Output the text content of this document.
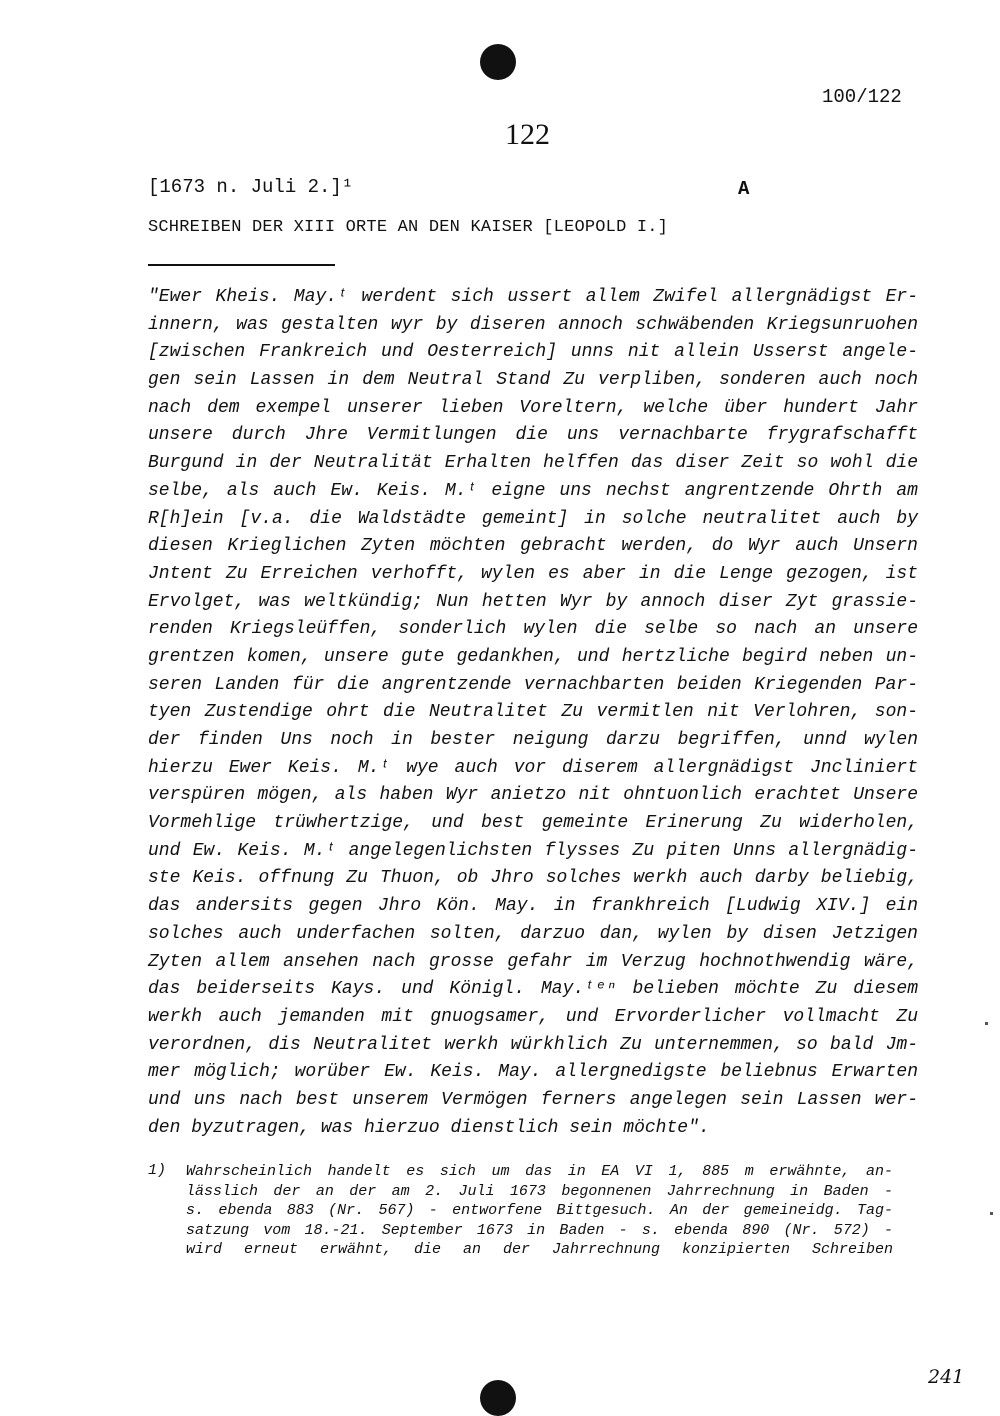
100/122
122
[1673 n. Juli 2.]¹	A
SCHREIBEN DER XIII ORTE AN DEN KAISER [LEOPOLD I.]
"Ewer Kheis. May.ᵗ werdent sich ussert allem Zwifel allergnädigst Er-
innern, was gestalten wyr by diseren annoch schwäbenden Kriegsunruohen
[zwischen Frankreich und Oesterreich] unns nit allein Usserst angele-
gen sein Lassen in dem Neutral Stand Zu verpliben, sonderen auch noch
nach dem exempel unserer lieben Voreltern, welche über hundert Jahr
unsere durch Jhre Vermitlungen die uns vernachbarte frygrafschafft
Burgund in der Neutralität Erhalten helffen das diser Zeit so wohl die
selbe, als auch Ew. Keis. M.ᵗ eigne uns nechst angrentzende Ohrth am
R[h]ein [v.a. die Waldstädte gemeint] in solche neutralitet auch by
diesen Krieglichen Zyten möchten gebracht werden, do Wyr auch Unsern
Jntent Zu Erreichen verhofft, wylen es aber in die Lenge gezogen, ist
Ervolget, was weltkündig; Nun hetten Wyr by annoch diser Zyt grassie-
renden Kriegsleüffen, sonderlich wylen die selbe so nach an unsere
grentzen komen, unsere gute gedankhen, und hertzliche begird neben un-
seren Landen für die angrentzende vernachbarten beiden Kriegenden Par-
tyen Zustendige ohrt die Neutralitet Zu vermitlen nit Verlohren, son-
der finden Uns noch in bester neigung darzu begriffen, unnd wylen
hierzu Ewer Keis. M.ᵗ wye auch vor diserem allergnädigst Jncliniert
verspüren mögen, als haben Wyr anietzo nit ohntuonlich erachtet Unsere
Vormehlige trüwhertzige, und best gemeinte Erinerung Zu widerholen,
und Ew. Keis. M.ᵗ angelegenlichsten flysses Zu piten Unns allergnädig-
ste Keis. offnung Zu Thuon, ob Jhro solches werkh auch darby beliebig,
das andersits gegen Jhro Kön. May. in frankhreich [Ludwig XIV.] ein
solches auch underfachen solten, darzuo dan, wylen by disen Jetzigen
Zyten allem ansehen nach grosse gefahr im Verzug hochnothwendig wäre,
das beiderseits Kays. und Königl. May.ᵗᵉⁿ belieben möchte Zu diesem
werkh auch jemanden mit gnuogsamer, und Ervorderlicher vollmacht Zu
verordnen, dis Neutralitet werkh würkhlich Zu unternemmen, so bald Jm-
mer möglich; worüber Ew. Keis. May. allergnedigste beliebnus Erwarten
und uns nach best unserem Vermögen ferners angelegen sein Lassen wer-
den byzutragen, was hierzuo dienstlich sein möchte".
1) Wahrscheinlich handelt es sich um das in EA VI 1, 885 m erwähnte, an-
lässlich der an der am 2. Juli 1673 begonnenen Jahrrechnung in Baden -
s. ebenda 883 (Nr. 567) - entworfene Bittgesuch. An der gemeineidg. Tag-
satzung vom 18.-21. September 1673 in Baden - s. ebenda 890 (Nr. 572) -
wird erneut erwähnt, die an der Jahrrechnung konzipierten Schreiben
241
